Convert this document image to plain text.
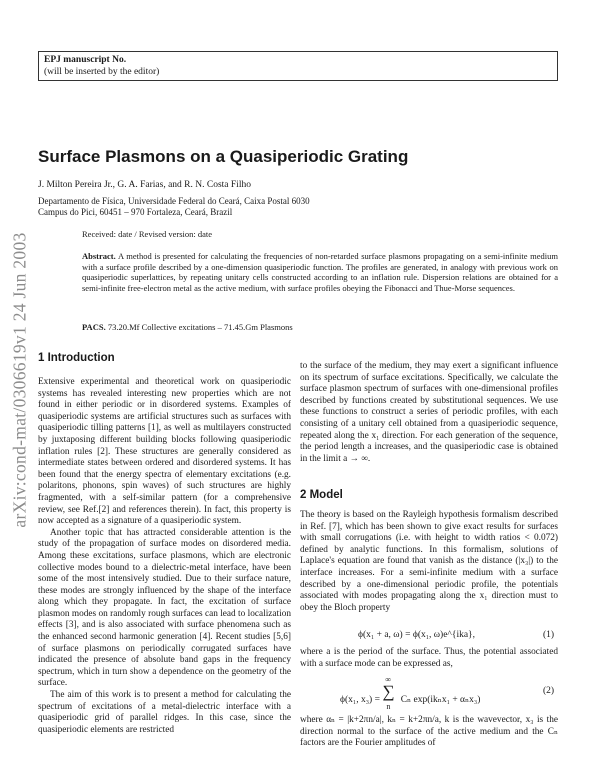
EPJ manuscript No.
(will be inserted by the editor)
arXiv:cond-mat/0306619v1 24 Jun 2003
Surface Plasmons on a Quasiperiodic Grating
J. Milton Pereira Jr., G. A. Farias, and R. N. Costa Filho
Departamento de Física, Universidade Federal do Ceará, Caixa Postal 6030
Campus do Pici, 60451 – 970 Fortaleza, Ceará, Brazil
Received: date / Revised version: date
Abstract. A method is presented for calculating the frequencies of non-retarded surface plasmons propagating on a semi-infinite medium with a surface profile described by a one-dimension quasiperiodic function. The profiles are generated, in analogy with previous work on quasiperiodic superlattices, by repeating unitary cells constructed according to an inflation rule. Dispersion relations are obtained for a semi-infinite free-electron metal as the active medium, with surface profiles obeying the Fibonacci and Thue-Morse sequences.
PACS. 73.20.Mf Collective excitations – 71.45.Gm Plasmons
1 Introduction

Extensive experimental and theoretical work on quasiperiodic systems has revealed interesting new properties which are not found in either periodic or in disordered systems. Examples of quasiperiodic systems are artificial structures such as surfaces with quasiperiodic tilling patterns [1], as well as multilayers constructed by juxtaposing different building blocks following quasiperiodic inflation rules [2]. These structures are generally considered as intermediate states between ordered and disordered systems. It has been found that the energy spectra of elementary excitations (e.g. polaritons, phonons, spin waves) of such structures are highly fragmented, with a self-similar pattern (for a comprehensive review, see Ref.[2] and references therein). In fact, this property is now accepted as a signature of a quasiperiodic system.

Another topic that has attracted considerable attention is the study of the propagation of surface modes on disordered media. Among these excitations, surface plasmons, which are electronic collective modes bound to a dielectric-metal interface, have been some of the most intensively studied. Due to their surface nature, these modes are strongly influenced by the shape of the interface along which they propagate. In fact, the excitation of surface plasmon modes on randomly rough surfaces can lead to localization effects [3], and is also associated with surface phenomena such as the enhanced second harmonic generation [4]. Recent studies [5,6] of surface plasmons on periodically corrugated surfaces have indicated the presence of absolute band gaps in the frequency spectrum, which in turn show a dependence on the geometry of the surface.

The aim of this work is to present a method for calculating the spectrum of excitations of a metal-dielectric interface with a quasiperiodic grid of parallel ridges. In this case, since the quasiperiodic elements are restricted

to the surface of the medium, they may exert a significant influence on its spectrum of surface excitations. Specifically, we calculate the surface plasmon spectrum of surfaces with one-dimensional profiles described by functions created by substitutional sequences. We use these functions to construct a series of periodic profiles, with each consisting of a unitary cell obtained from a quasiperiodic sequence, repeated along the x₁ direction. For each generation of the sequence, the period length a increases, and the quasiperiodic case is obtained in the limit a → ∞.

2 Model

The theory is based on the Rayleigh hypothesis formalism described in Ref. [7], which has been shown to give exact results for surfaces with small corrugations (i.e. with height to width ratios < 0.072) defined by analytic functions. In this formalism, solutions of Laplace's equation are found that vanish as the distance (|x₃|) to the interface increases. For a semi-infinite medium with a surface described by a one-dimensional periodic profile, the potentials associated with modes propagating along the x₁ direction must to obey the Bloch property

ϕ(x₁ + a, ω) = ϕ(x₁, ω)e^{ika},	(1)

where a is the period of the surface. Thus, the potential associated with a surface mode can be expressed as,

ϕ(x₁, x₃) =
∞
∑
n
Cₙ exp(ikₙx₁ + αₙx₃)
(2)

where αₙ = |k+2πn/a|, kₙ = k+2πn/a, k is the wavevector, x₃ is the direction normal to the surface of the active medium and the Cₙ factors are the Fourier amplitudes of
